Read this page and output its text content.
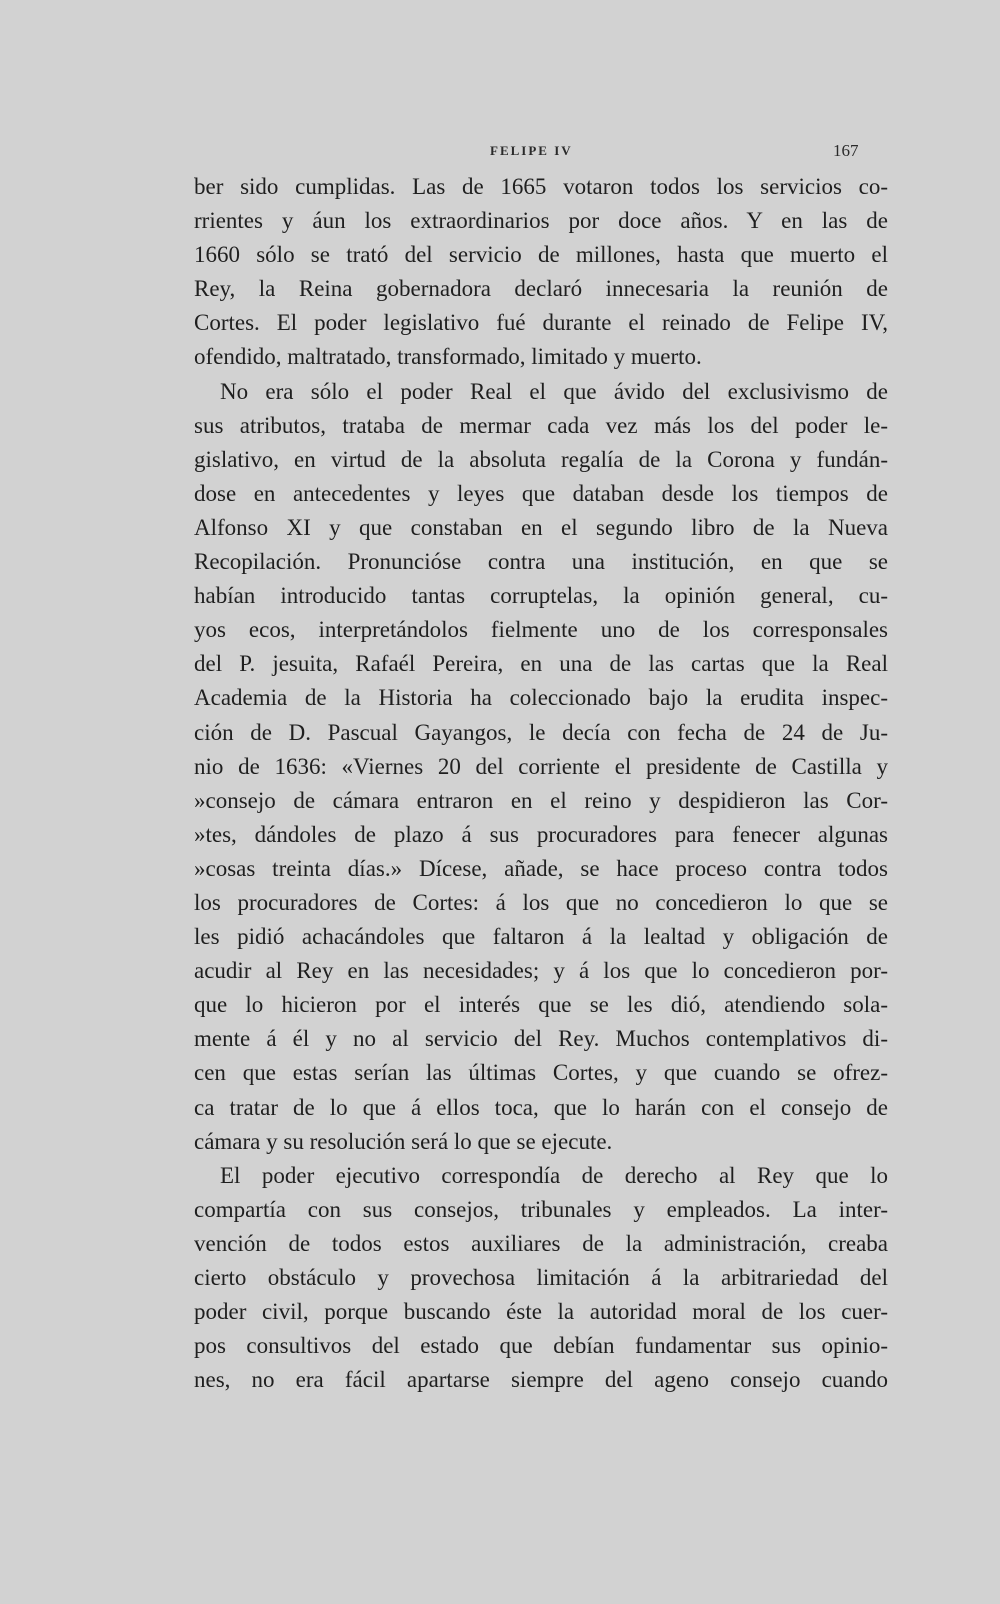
FELIPE IV	167
ber sido cumplidas. Las de 1665 votaron todos los servicios co-
rrientes y áun los extraordinarios por doce años. Y en las de
1660 sólo se trató del servicio de millones, hasta que muerto el
Rey, la Reina gobernadora declaró innecesaria la reunión de
Cortes. El poder legislativo fué durante el reinado de Felipe IV,
ofendido, maltratado, transformado, limitado y muerto.
No era sólo el poder Real el que ávido del exclusivismo de
sus atributos, trataba de mermar cada vez más los del poder le-
gislativo, en virtud de la absoluta regalía de la Corona y fundán-
dose en antecedentes y leyes que databan desde los tiempos de
Alfonso XI y que constaban en el segundo libro de la Nueva
Recopilación. Pronuncióse contra una institución, en que se
habían introducido tantas corruptelas, la opinión general, cu-
yos ecos, interpretándolos fielmente uno de los corresponsales
del P. jesuita, Rafaél Pereira, en una de las cartas que la Real
Academia de la Historia ha coleccionado bajo la erudita inspec-
ción de D. Pascual Gayangos, le decía con fecha de 24 de Ju-
nio de 1636: «Viernes 20 del corriente el presidente de Castilla y
»consejo de cámara entraron en el reino y despidieron las Cor-
»tes, dándoles de plazo á sus procuradores para fenecer algunas
»cosas treinta días.» Dícese, añade, se hace proceso contra todos
los procuradores de Cortes: á los que no concedieron lo que se
les pidió achacándoles que faltaron á la lealtad y obligación de
acudir al Rey en las necesidades; y á los que lo concedieron por-
que lo hicieron por el interés que se les dió, atendiendo sola-
mente á él y no al servicio del Rey. Muchos contemplativos di-
cen que estas serían las últimas Cortes, y que cuando se ofrez-
ca tratar de lo que á ellos toca, que lo harán con el consejo de
cámara y su resolución será lo que se ejecute.
El poder ejecutivo correspondía de derecho al Rey que lo
compartía con sus consejos, tribunales y empleados. La inter-
vención de todos estos auxiliares de la administración, creaba
cierto obstáculo y provechosa limitación á la arbitrariedad del
poder civil, porque buscando éste la autoridad moral de los cuer-
pos consultivos del estado que debían fundamentar sus opinio-
nes, no era fácil apartarse siempre del ageno consejo cuando
